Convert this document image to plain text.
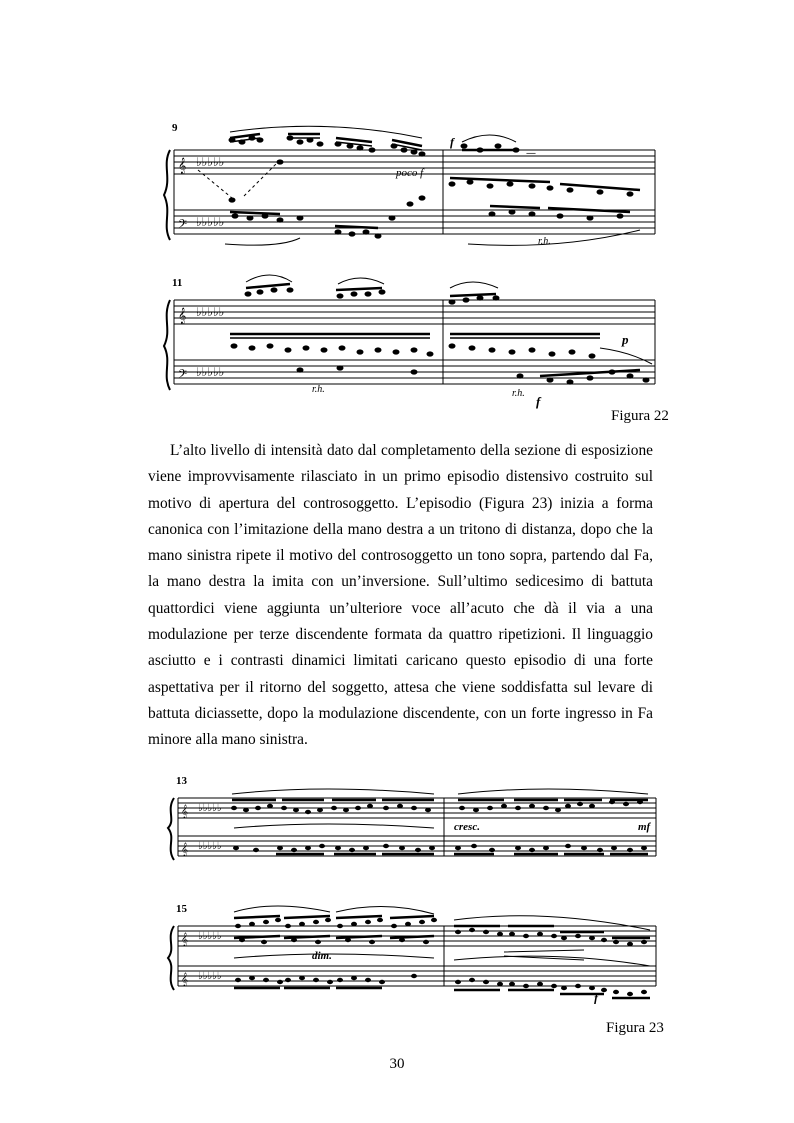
9
𝄞
𝄢
♭♭♭♭♭
♭♭♭♭♭
—
poco f
r.h.
f
11
𝄞
𝄢
♭♭♭♭♭
♭♭♭♭♭
r.h.	r.h.
p
f
Figura 22

L’alto livello di intensità dato dal completamento della sezione di esposizione viene improvvisamente rilasciato in un primo episodio distensivo costruito sul motivo di apertura del controsoggetto. L’episodio (Figura 23) inizia a forma canonica con l’imitazione della mano destra a un tritono di distanza, dopo che la mano sinistra ripete il motivo del controsoggetto un tono sopra, partendo dal Fa, la mano destra la imita con un’inversione. Sull’ultimo sedicesimo di battuta quattordici viene aggiunta un’ulteriore voce all’acuto che dà il via a una modulazione per terze discendente formata da quattro ripetizioni. Il linguaggio asciutto e i contrasti dinamici limitati caricano questo episodio di una forte aspettativa per il ritorno del soggetto, attesa che viene soddisfatta sul levare di battuta diciassette, dopo la modulazione discendente, con un forte ingresso in Fa minore alla mano sinistra.

13
𝄞
𝄞
♭♭♭♭♭
♭♭♭♭♭
cresc.	mf
15
𝄞
𝄞
♭♭♭♭♭
♭♭♭♭♭
dim.
f
Figura 23
30
